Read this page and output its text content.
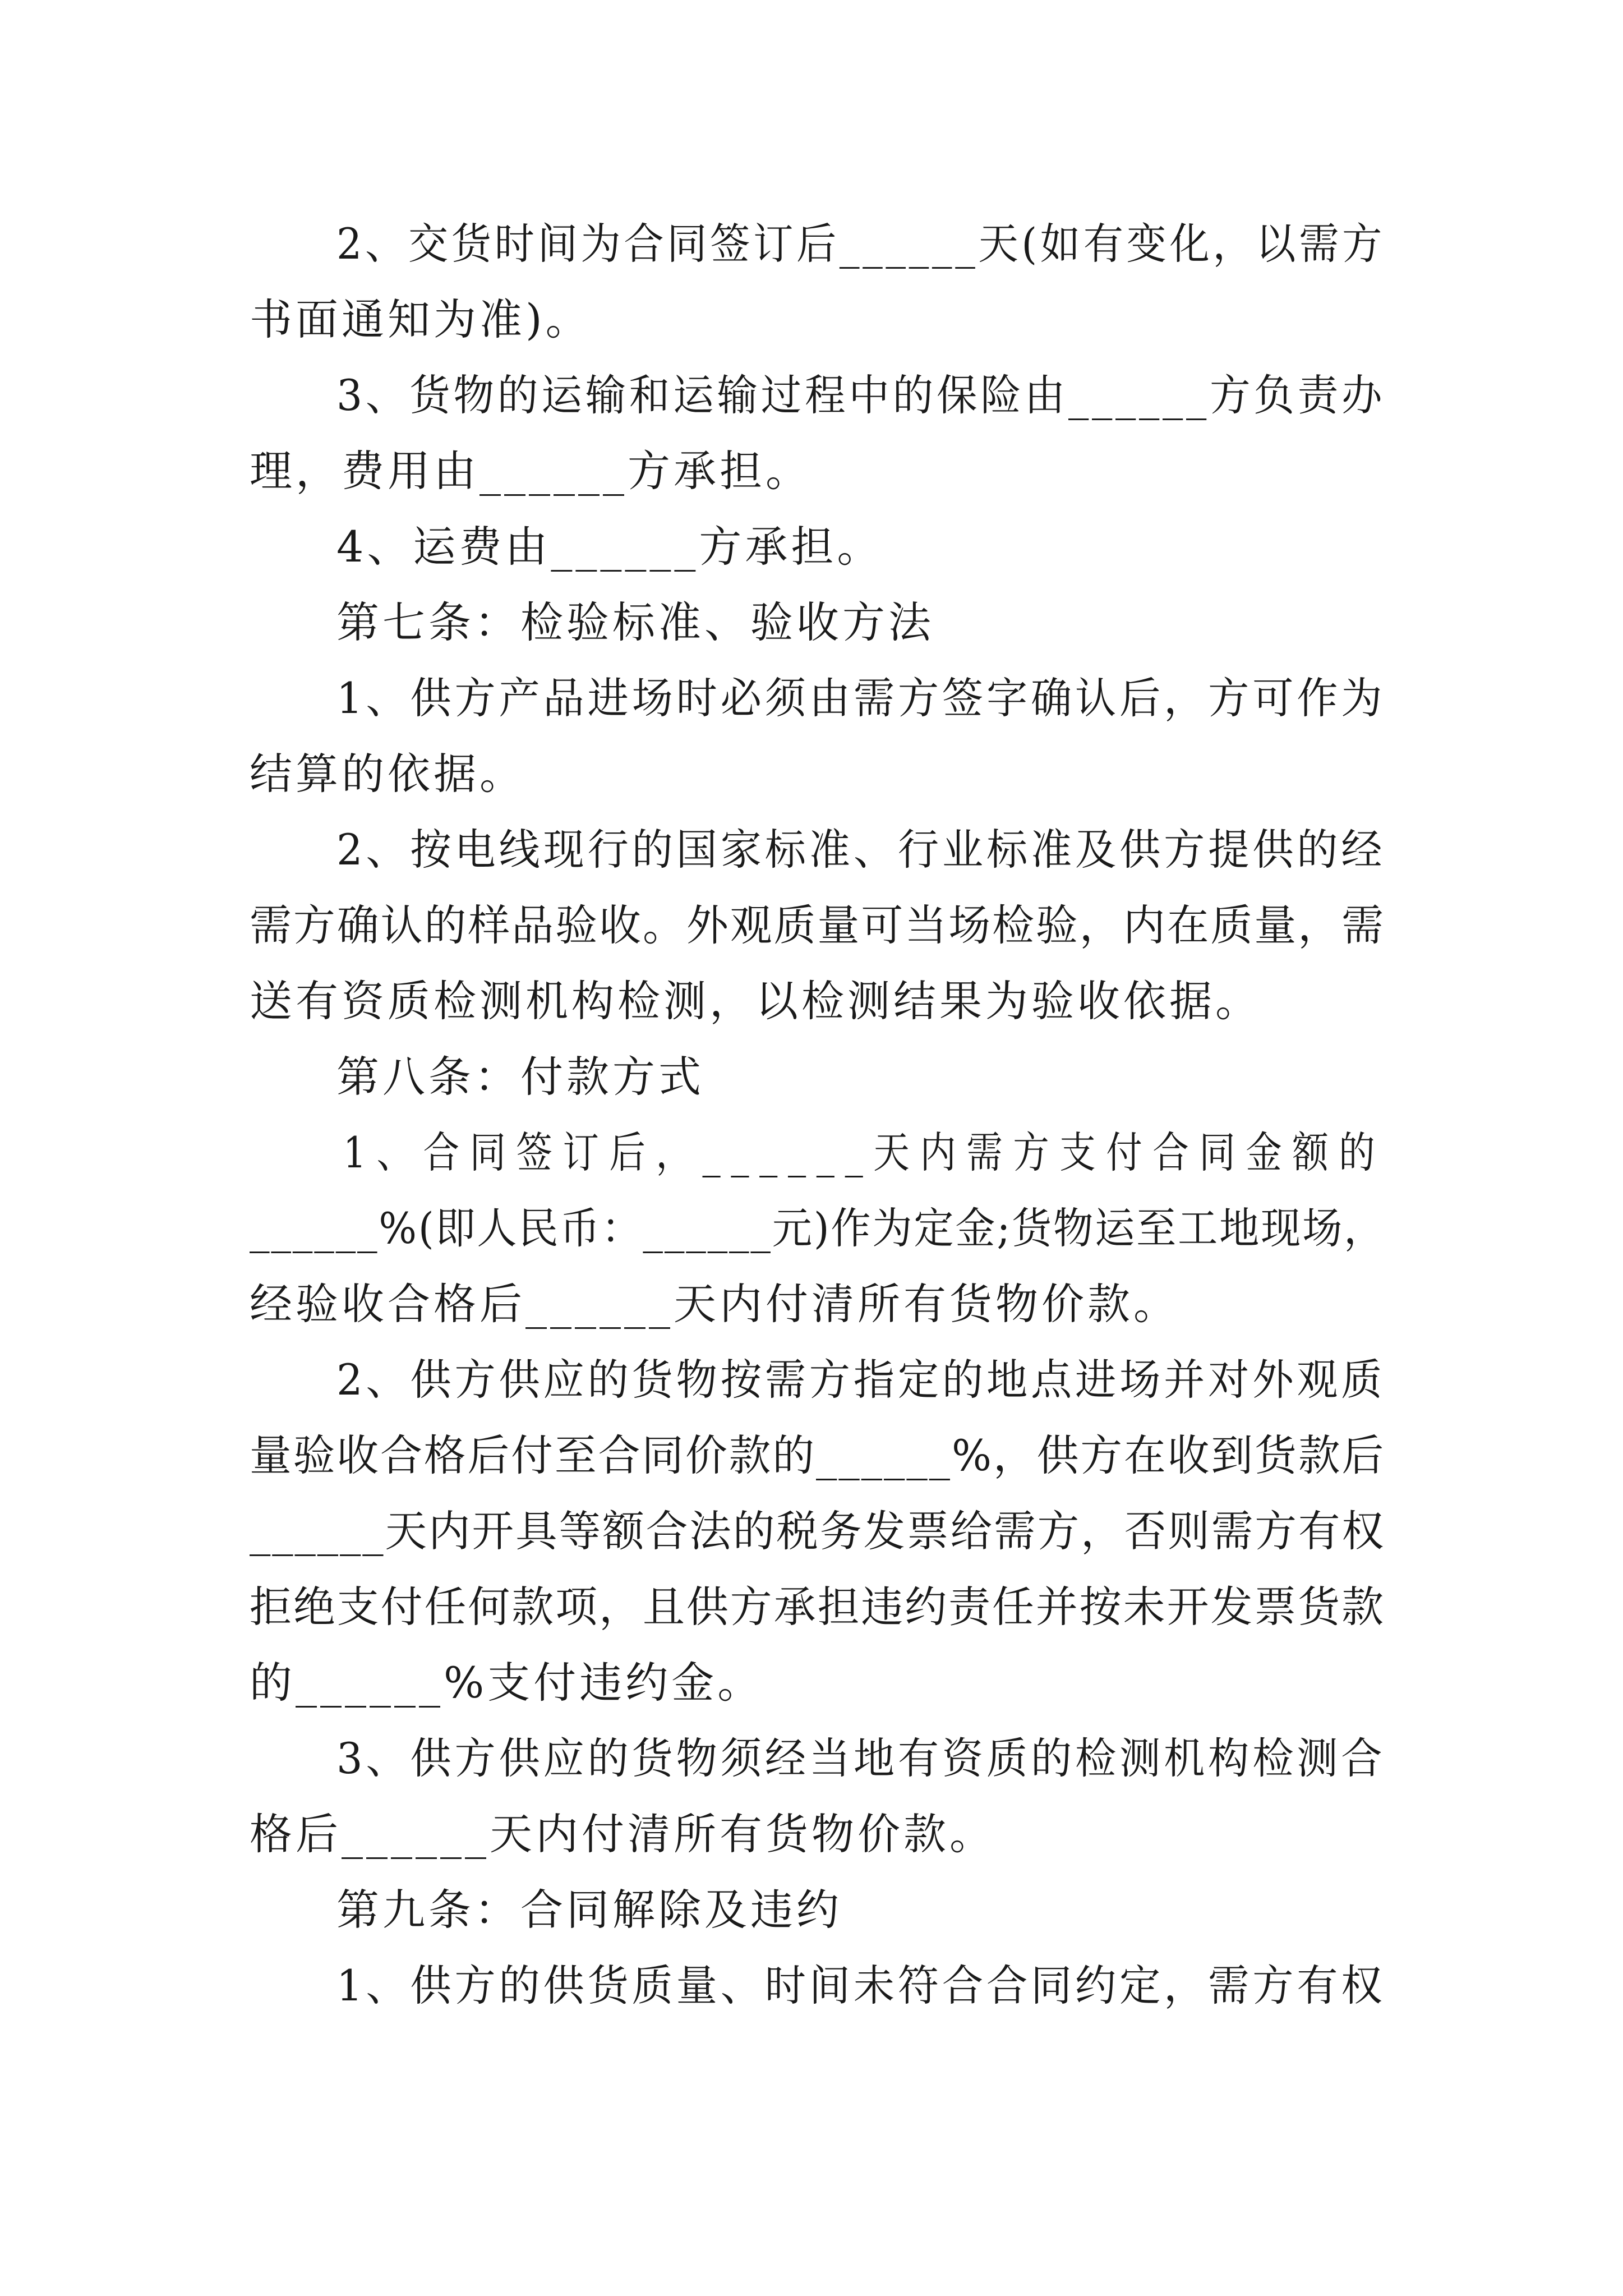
2、交货时间为合同签订后______天(如有变化，以需方
书面通知为准)。
3、货物的运输和运输过程中的保险由______方负责办
理，费用由______方承担。
4、运费由______方承担。
第七条：检验标准、验收方法
1、供方产品进场时必须由需方签字确认后，方可作为
结算的依据。
2、按电线现行的国家标准、行业标准及供方提供的经
需方确认的样品验收。外观质量可当场检验，内在质量，需
送有资质检测机构检测，以检测结果为验收依据。
第八条：付款方式
1、合同签订后，______天内需方支付合同金额的
______%(即人民币：______元)作为定金;货物运至工地现场，
经验收合格后______天内付清所有货物价款。
2、供方供应的货物按需方指定的地点进场并对外观质
量验收合格后付至合同价款的______%，供方在收到货款后
______天内开具等额合法的税务发票给需方，否则需方有权
拒绝支付任何款项，且供方承担违约责任并按未开发票货款
的______%支付违约金。
3、供方供应的货物须经当地有资质的检测机构检测合
格后______天内付清所有货物价款。
第九条：合同解除及违约
1、供方的供货质量、时间未符合合同约定，需方有权
